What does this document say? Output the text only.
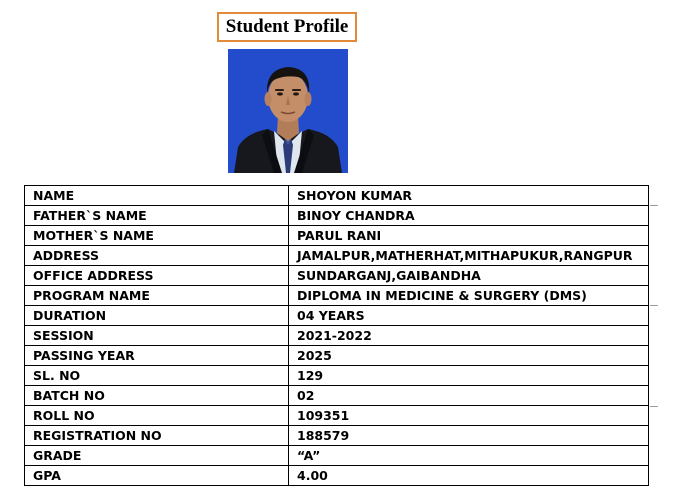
Student Profile
NAME	SHOYON KUMAR
FATHER`S NAME	BINOY CHANDRA
MOTHER`S NAME	PARUL RANI
ADDRESS	JAMALPUR,MATHERHAT,MITHAPUKUR,RANGPUR
OFFICE ADDRESS	SUNDARGANJ,GAIBANDHA
PROGRAM NAME	DIPLOMA IN MEDICINE & SURGERY (DMS)
DURATION	04 YEARS
SESSION	2021-2022
PASSING YEAR	2025
SL. NO	129
BATCH NO	02
ROLL NO	109351
REGISTRATION NO	188579
GRADE	“A”
GPA	4.00
